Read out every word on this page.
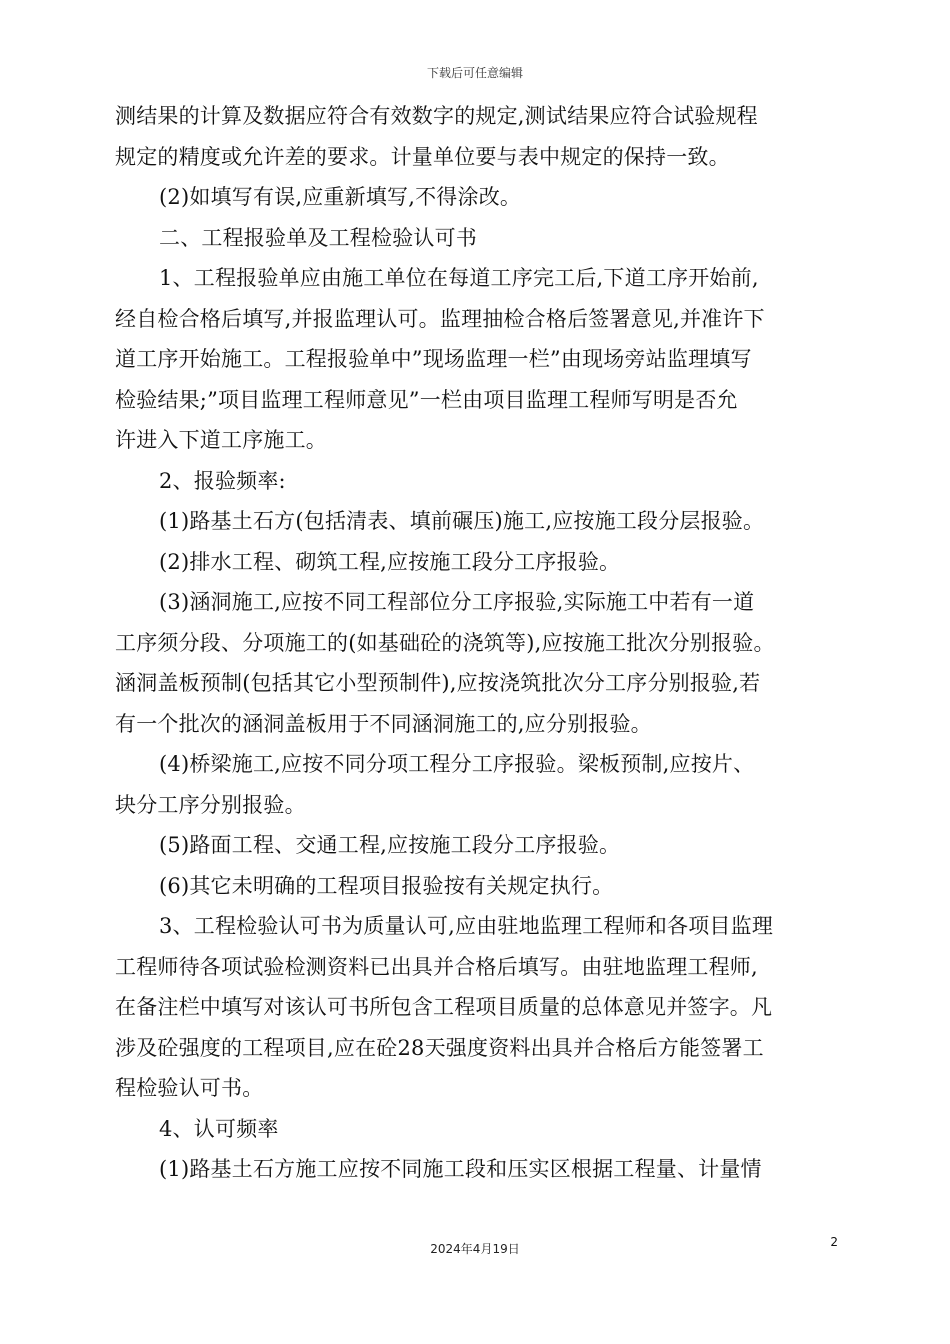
下载后可任意编辑
测结果的计算及数据应符合有效数字的规定,测试结果应符合试验规程
规定的精度或允许差的要求。计量单位要与表中规定的保持一致。
(2)如填写有误,应重新填写,不得涂改。
二、工程报验单及工程检验认可书
1、工程报验单应由施工单位在每道工序完工后,下道工序开始前,
经自检合格后填写,并报监理认可。监理抽检合格后签署意见,并准许下
道工序开始施工。工程报验单中”现场监理一栏”由现场旁站监理填写
检验结果;”项目监理工程师意见”一栏由项目监理工程师写明是否允
许进入下道工序施工。
2、报验频率:
(1)路基土石方(包括清表、填前碾压)施工,应按施工段分层报验。
(2)排水工程、砌筑工程,应按施工段分工序报验。
(3)涵洞施工,应按不同工程部位分工序报验,实际施工中若有一道
工序须分段、分项施工的(如基础砼的浇筑等),应按施工批次分别报验。
涵洞盖板预制(包括其它小型预制件),应按浇筑批次分工序分别报验,若
有一个批次的涵洞盖板用于不同涵洞施工的,应分别报验。
(4)桥梁施工,应按不同分项工程分工序报验。梁板预制,应按片、
块分工序分别报验。
(5)路面工程、交通工程,应按施工段分工序报验。
(6)其它未明确的工程项目报验按有关规定执行。
3、工程检验认可书为质量认可,应由驻地监理工程师和各项目监理
工程师待各项试验检测资料已出具并合格后填写。由驻地监理工程师,
在备注栏中填写对该认可书所包含工程项目质量的总体意见并签字。凡
涉及砼强度的工程项目,应在砼28天强度资料出具并合格后方能签署工
程检验认可书。
4、认可频率
(1)路基土石方施工应按不同施工段和压实区根据工程量、计量情
2
2024年4月19日
